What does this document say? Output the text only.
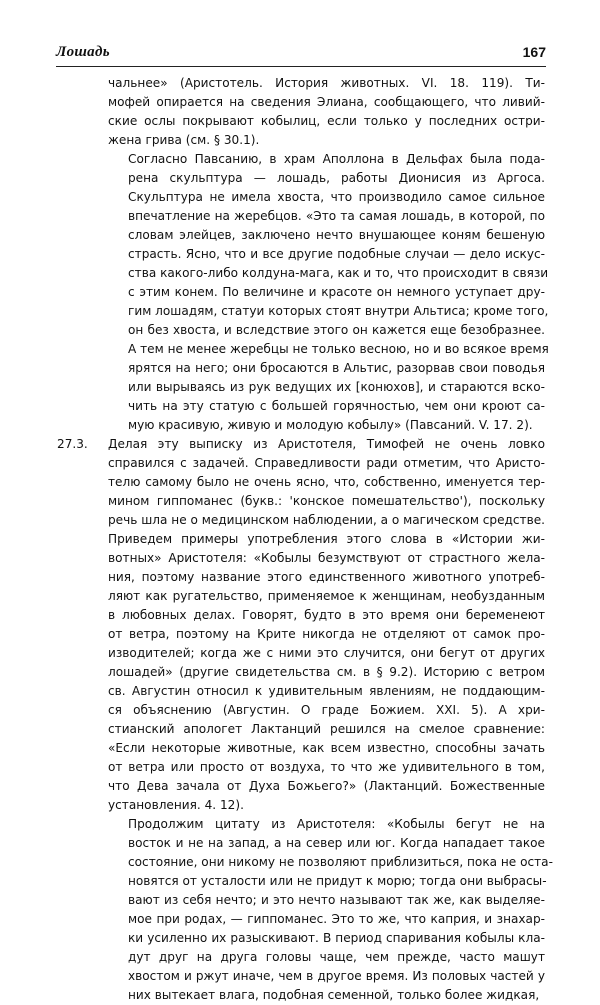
Лошадь	167
чальнее» (Аристотель. История животных. VI. 18. 119). Ти-
мофей опирается на сведения Элиана, сообщающего, что ливий-
ские ослы покрывают кобылиц, если только у последних остри-
жена грива (см. § 30.1).
Согласно Павсанию, в храм Аполлона в Дельфах была пода-
рена скульптура — лошадь, работы Дионисия из Аргоса.
Скульптура не имела хвоста, что производило самое сильное
впечатление на жеребцов. «Это та самая лошадь, в которой, по
словам элейцев, заключено нечто внушающее коням бешеную
страсть. Ясно, что и все другие подобные случаи — дело искус-
ства какого-либо колдуна-мага, как и то, что происходит в связи
с этим конем. По величине и красоте он немного уступает дру-
гим лошадям, статуи которых стоят внутри Альтиса; кроме того,
он без хвоста, и вследствие этого он кажется еще безобразнее.
А тем не менее жеребцы не только весною, но и во всякое время
ярятся на него; они бросаются в Альтис, разорвав свои поводья
или вырываясь из рук ведущих их [конюхов], и стараются вско-
чить на эту статую с большей горячностью, чем они кроют са-
мую красивую, живую и молодую кобылу» (Павсаний. V. 17. 2).
27.3. Делая эту выписку из Аристотеля, Тимофей не очень ловко
справился с задачей. Справедливости ради отметим, что Аристо-
телю самому было не очень ясно, что, собственно, именуется тер-
мином гиппоманес (букв.: 'конское помешательство'), поскольку
речь шла не о медицинском наблюдении, а о магическом средстве.
Приведем примеры употребления этого слова в «Истории жи-
вотных» Аристотеля: «Кобылы безумствуют от страстного жела-
ния, поэтому название этого единственного животного употреб-
ляют как ругательство, применяемое к женщинам, необузданным
в любовных делах. Говорят, будто в это время они беременеют
от ветра, поэтому на Крите никогда не отделяют от самок про-
изводителей; когда же с ними это случится, они бегут от других
лошадей» (другие свидетельства см. в § 9.2). Историю с ветром
св. Августин относил к удивительным явлениям, не поддающим-
ся объяснению (Августин. О граде Божием. XXI. 5). А хри-
стианский апологет Лактанций решился на смелое сравнение:
«Если некоторые животные, как всем известно, способны зачать
от ветра или просто от воздуха, то что же удивительного в том,
что Дева зачала от Духа Божьего?» (Лактанций. Божественные
установления. 4. 12).
Продолжим цитату из Аристотеля: «Кобылы бегут не на
восток и не на запад, а на север или юг. Когда нападает такое
состояние, они никому не позволяют приблизиться, пока не оста-
новятся от усталости или не придут к морю; тогда они выбрасы-
вают из себя нечто; и это нечто называют так же, как выделяе-
мое при родах, — гиппоманес. Это то же, что каприя, и знахар-
ки усиленно их разыскивают. В период спаривания кобылы кла-
дут друг на друга головы чаще, чем прежде, часто машут
хвостом и ржут иначе, чем в другое время. Из половых частей у
них вытекает влага, подобная семенной, только более жидкая,
